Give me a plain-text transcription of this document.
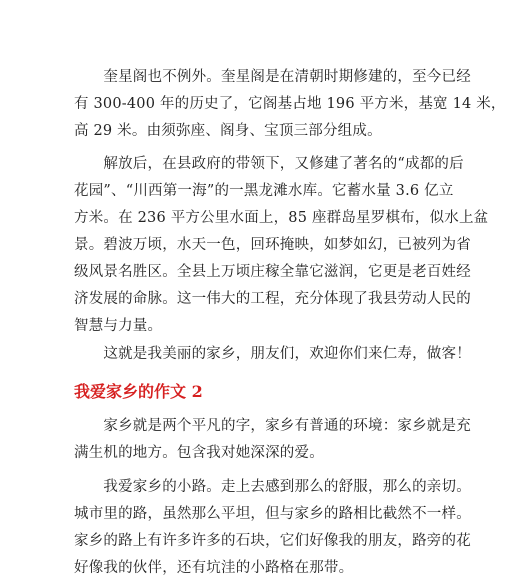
　　奎星阁也不例外。奎星阁是在清朝时期修建的，至今已经
有 300-400 年的历史了，它阁基占地 196 平方米，基宽 14 米，
高 29 米。由须弥座、阁身、宝顶三部分组成。
　　解放后，在县政府的带领下，又修建了著名的“成都的后
花园”、“川西第一海”的一黑龙滩水库。它蓄水量 3.6 亿立
方米。在 236 平方公里水面上，85 座群岛星罗棋布，似水上盆
景。碧波万顷，水天一色，回环掩映，如梦如幻，已被列为省
级风景名胜区。全县上万顷庄稼全靠它滋润，它更是老百姓经
济发展的命脉。这一伟大的工程，充分体现了我县劳动人民的
智慧与力量。
　　这就是我美丽的家乡，朋友们，欢迎你们来仁寿，做客！
我爱家乡的作文 2
　　家乡就是两个平凡的字，家乡有普通的环境：家乡就是充
满生机的地方。包含我对她深深的爱。
　　我爱家乡的小路。走上去感到那么的舒服，那么的亲切。
城市里的路，虽然那么平坦，但与家乡的路相比截然不一样。
家乡的路上有许多许多的石块，它们好像我的朋友，路旁的花
好像我的伙伴，还有坑洼的小路格在那带。
